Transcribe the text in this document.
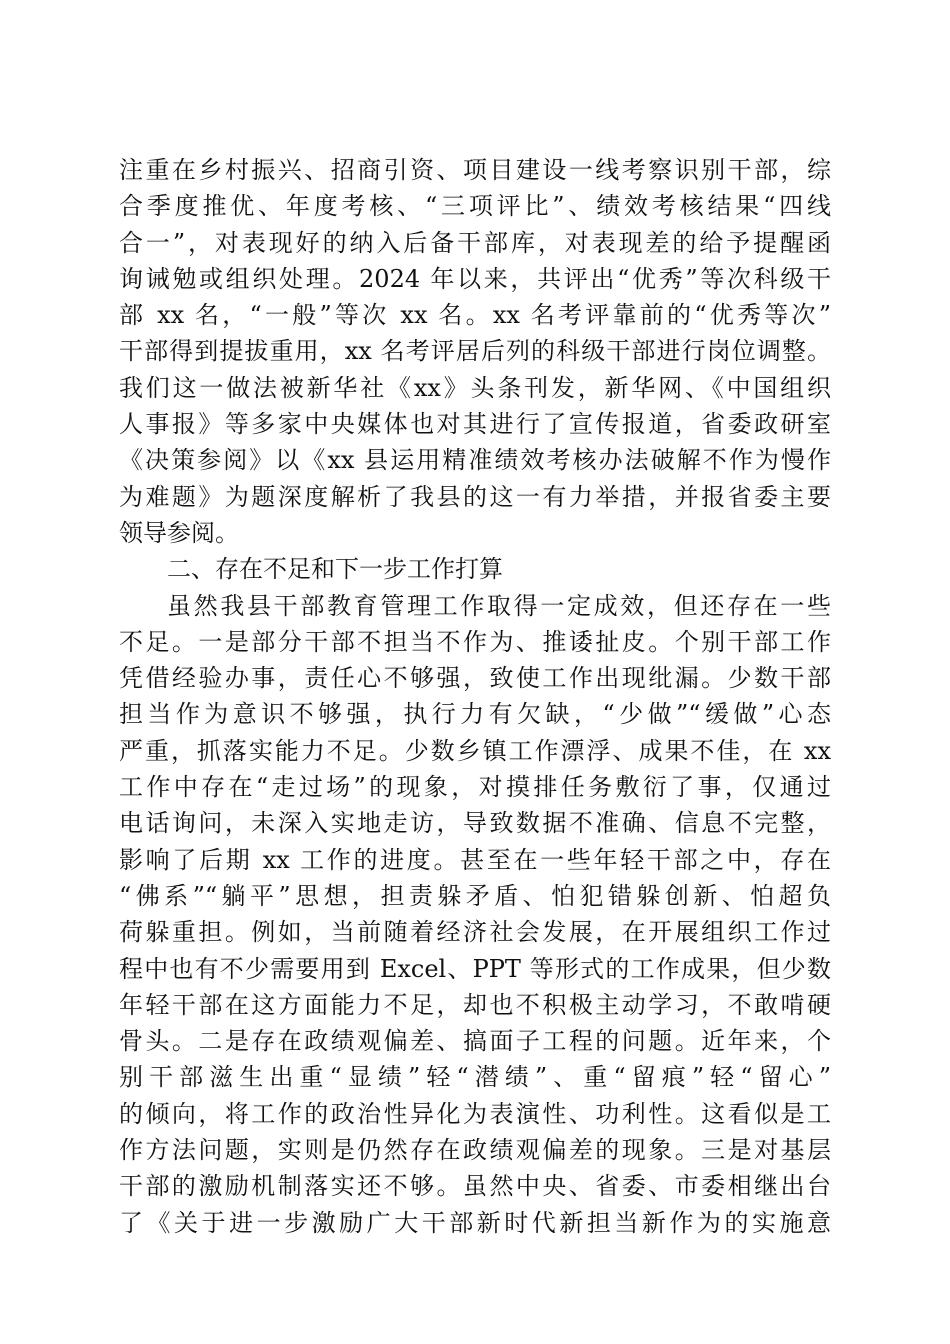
注重在乡村振兴、招商引资、项目建设一线考察识别干部，综
合季度推优、年度考核、“三项评比”、绩效考核结果“四线
合一”，对表现好的纳入后备干部库，对表现差的给予提醒函
询诫勉或组织处理。2024 年以来，共评出“优秀”等次科级干
部 xx 名，“一般”等次 xx 名。xx 名考评靠前的“优秀等次”
干部得到提拔重用，xx 名考评居后列的科级干部进行岗位调整。
我们这一做法被新华社《xx》头条刊发，新华网、《中国组织
人事报》等多家中央媒体也对其进行了宣传报道，省委政研室
《决策参阅》以《xx 县运用精准绩效考核办法破解不作为慢作
为难题》为题深度解析了我县的这一有力举措，并报省委主要
领导参阅。
二、存在不足和下一步工作打算
虽然我县干部教育管理工作取得一定成效，但还存在一些
不足。一是部分干部不担当不作为、推诿扯皮。个别干部工作
凭借经验办事，责任心不够强，致使工作出现纰漏。少数干部
担当作为意识不够强，执行力有欠缺，“少做”“缓做”心态
严重，抓落实能力不足。少数乡镇工作漂浮、成果不佳，在 xx
工作中存在“走过场”的现象，对摸排任务敷衍了事，仅通过
电话询问，未深入实地走访，导致数据不准确、信息不完整，
影响了后期 xx 工作的进度。甚至在一些年轻干部之中，存在
“佛系”“躺平”思想，担责躲矛盾、怕犯错躲创新、怕超负
荷躲重担。例如，当前随着经济社会发展，在开展组织工作过
程中也有不少需要用到 Excel、PPT 等形式的工作成果，但少数
年轻干部在这方面能力不足，却也不积极主动学习，不敢啃硬
骨头。二是存在政绩观偏差、搞面子工程的问题。近年来，个
别干部滋生出重“显绩”轻“潜绩”、重“留痕”轻“留心”
的倾向，将工作的政治性异化为表演性、功利性。这看似是工
作方法问题，实则是仍然存在政绩观偏差的现象。三是对基层
干部的激励机制落实还不够。虽然中央、省委、市委相继出台
了《关于进一步激励广大干部新时代新担当新作为的实施意
